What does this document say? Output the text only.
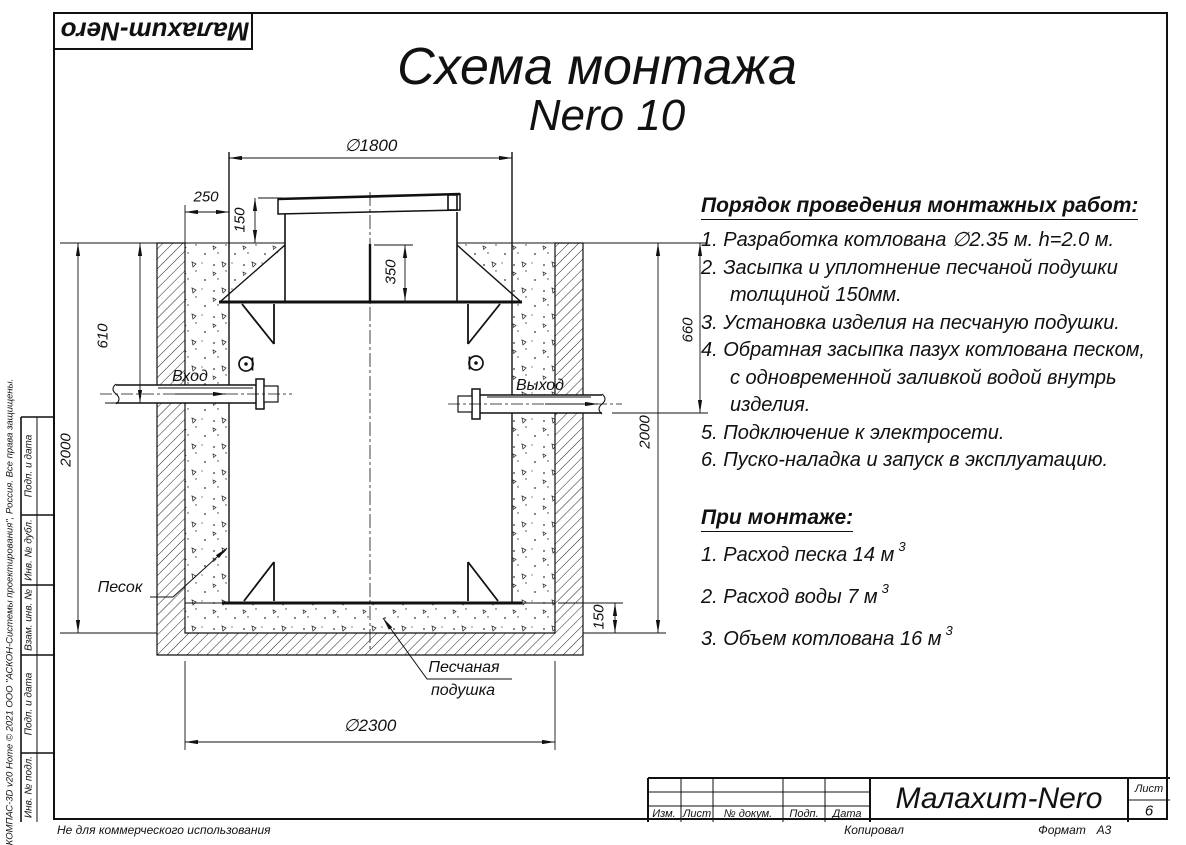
Малахит-Nero
Схема монтажа
Nero 10
∅1800
250
150
350
610
2000
660
2000
150
∅2300
Вход
Выход
Песок
Песчаная
подушка
Порядок проведения монтажных работ:
1. Разработка котлована ∅2.35 м. h=2.0 м.
2. Засыпка и уплотнение песчаной подушки
толщиной 150мм.
3. Установка изделия на песчаную подушки.
4. Обратная засыпка пазух котлована песком,
с одновременной заливкой водой внутрь
изделия.
5. Подключение к электросети.
6. Пуско-наладка и запуск в эксплуатацию.
При монтаже:
1. Расход песка 14 м $^3$
2. Расход воды 7 м $^3$
3. Объем котлована 16 м $^3$
Подп. и дата
Инв. № дубл.
Взам. инв. №
Подп. и дата
Инв. № подл.
КОМПАС-3D v20 Home © 2021 ООО "АСКОН-Системы проектирования", Россия. Все права защищены.	Не для коммерческого использования
Изм. Лист № докум. Подп. Дата Малахит-Nero	Лист
6
Копировал	Формат А3
